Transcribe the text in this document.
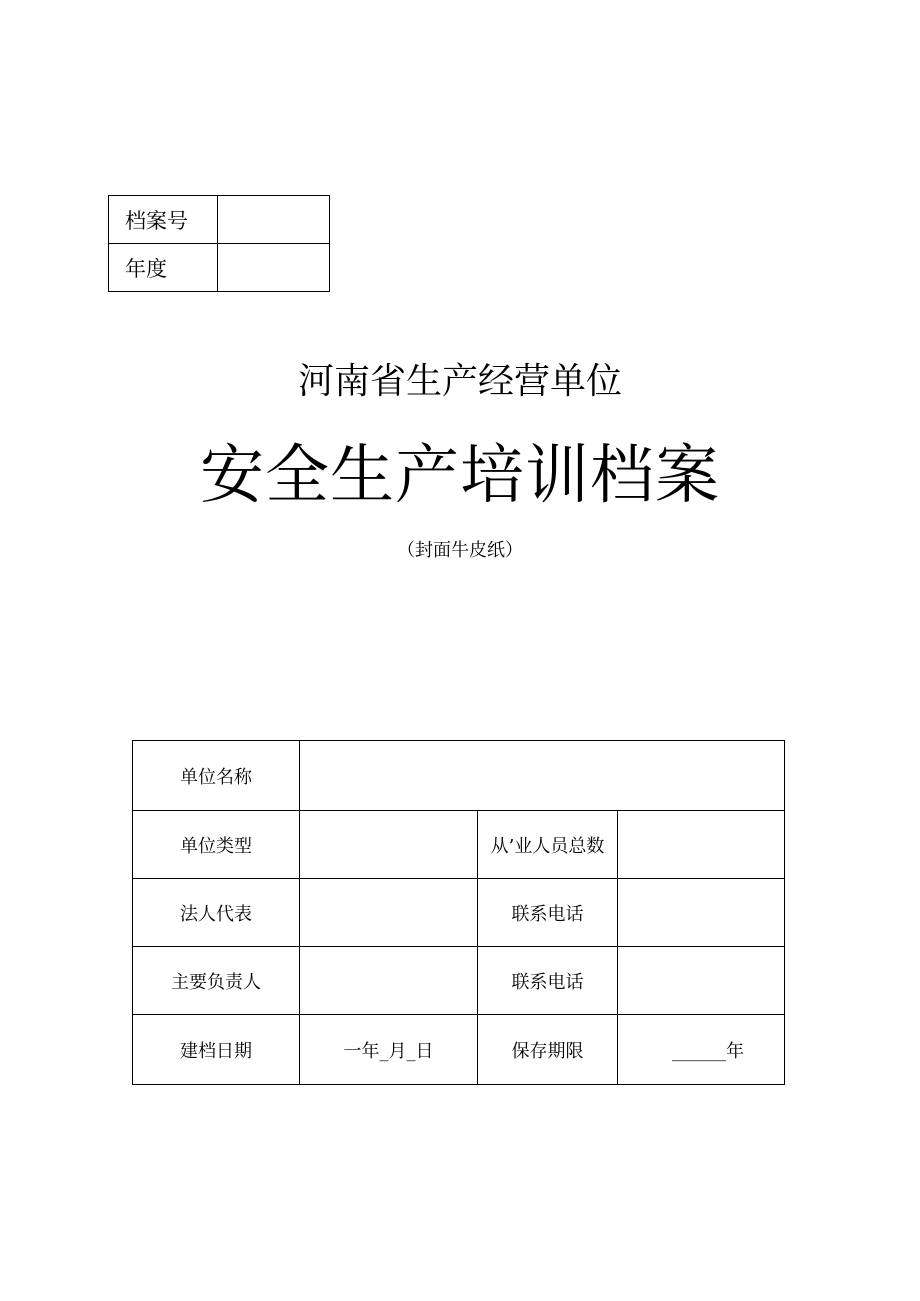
档案号	
年度	
河南省生产经营单位
安全生产培训档案
（封面牛皮纸）
单位名称			
单位类型		从’业人员总数	
法人代表		联系电话	
主要负责人		联系电话	
建档日期	一年_月_日	保存期限	______年
